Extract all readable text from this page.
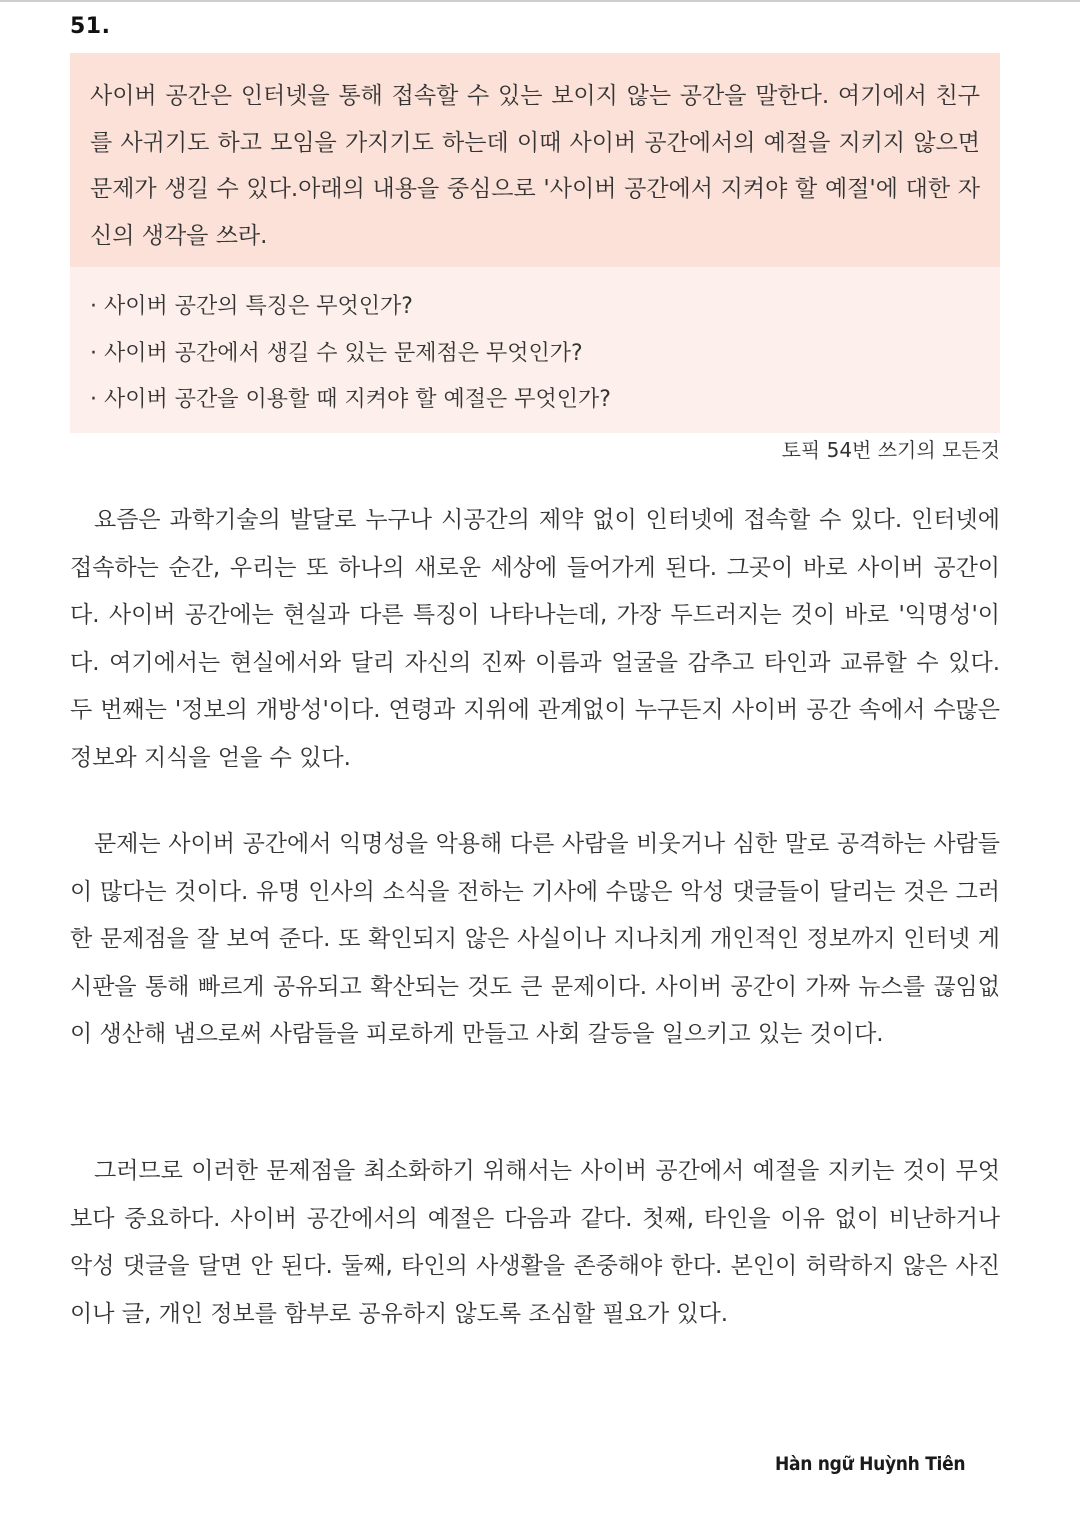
51.

사이버 공간은 인터넷을 통해 접속할 수 있는 보이지 않는 공간을 말한다. 여기에서 친구를 사귀기도 하고 모임을 가지기도 하는데 이때 사이버 공간에서의 예절을 지키지 않으면 문제가 생길 수 있다.아래의 내용을 중심으로 '사이버 공간에서 지켜야 할 예절'에 대한 자신의 생각을 쓰라.

· 사이버 공간의 특징은 무엇인가?
· 사이버 공간에서 생길 수 있는 문제점은 무엇인가?
· 사이버 공간을 이용할 때 지켜야 할 예절은 무엇인가?
토픽 54번 쓰기의 모든것

요즘은 과학기술의 발달로 누구나 시공간의 제약 없이 인터넷에 접속할 수 있다. 인터넷에 접속하는 순간, 우리는 또 하나의 새로운 세상에 들어가게 된다. 그곳이 바로 사이버 공간이다. 사이버 공간에는 현실과 다른 특징이 나타나는데, 가장 두드러지는 것이 바로 '익명성'이다. 여기에서는 현실에서와 달리 자신의 진짜 이름과 얼굴을 감추고 타인과 교류할 수 있다. 두 번째는 '정보의 개방성'이다. 연령과 지위에 관계없이 누구든지 사이버 공간 속에서 수많은 정보와 지식을 얻을 수 있다.

문제는 사이버 공간에서 익명성을 악용해 다른 사람을 비웃거나 심한 말로 공격하는 사람들이 많다는 것이다. 유명 인사의 소식을 전하는 기사에 수많은 악성 댓글들이 달리는 것은 그러한 문제점을 잘 보여 준다. 또 확인되지 않은 사실이나 지나치게 개인적인 정보까지 인터넷 게시판을 통해 빠르게 공유되고 확산되는 것도 큰 문제이다. 사이버 공간이 가짜 뉴스를 끊임없이 생산해 냄으로써 사람들을 피로하게 만들고 사회 갈등을 일으키고 있는 것이다.

그러므로 이러한 문제점을 최소화하기 위해서는 사이버 공간에서 예절을 지키는 것이 무엇보다 중요하다. 사이버 공간에서의 예절은 다음과 같다. 첫째, 타인을 이유 없이 비난하거나 악성 댓글을 달면 안 된다. 둘째, 타인의 사생활을 존중해야 한다. 본인이 허락하지 않은 사진이나 글, 개인 정보를 함부로 공유하지 않도록 조심할 필요가 있다.

Hàn ngữ Huỳnh Tiên
